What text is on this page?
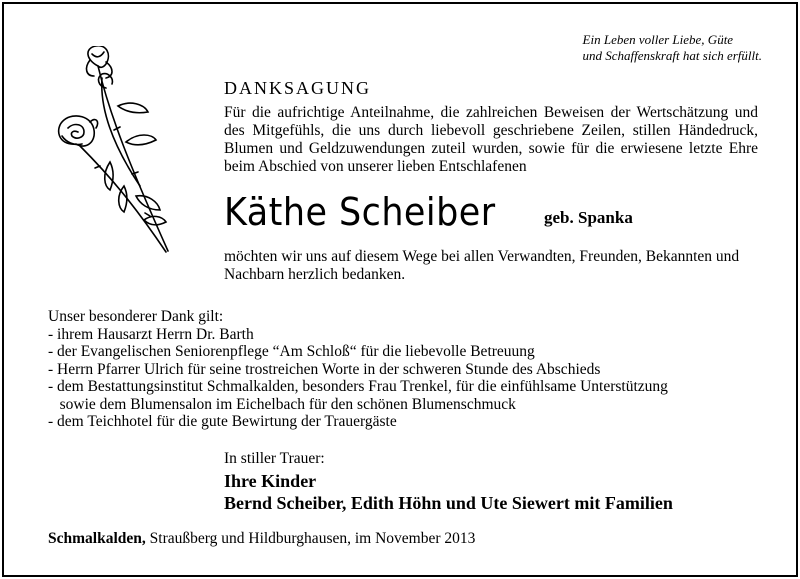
Ein Leben voller Liebe, Güte
und Schaffenskraft hat sich erfüllt.
DANKSAGUNG
Für die aufrichtige Anteilnahme, die zahlreichen Beweisen der Wertschätzung und des Mitgefühls, die uns durch liebevoll geschriebene Zeilen, stillen Händedruck, Blumen und Geldzuwendungen zuteil wurden, sowie für die erwiesene letzte Ehre beim Abschied von unserer lieben Entschlafenen
Käthe Scheiber	geb. Spanka
möchten wir uns auf diesem Wege bei allen Verwandten, Freunden, Bekannten und Nachbarn herzlich bedanken.
Unser besonderer Dank gilt:
- ihrem Hausarzt Herrn Dr. Barth
- der Evangelischen Seniorenpflege “Am Schloß“ für die liebevolle Betreuung
- Herrn Pfarrer Ulrich für seine trostreichen Worte in der schweren Stunde des Abschieds
- dem Bestattungsinstitut Schmalkalden, besonders Frau Trenkel, für die einfühlsame Unterstützung
sowie dem Blumensalon im Eichelbach für den schönen Blumenschmuck
- dem Teichhotel für die gute Bewirtung der Trauergäste
In stiller Trauer:
Ihre Kinder
Bernd Scheiber, Edith Höhn und Ute Siewert mit Familien
Schmalkalden, Straußberg und Hildburghausen, im November 2013
